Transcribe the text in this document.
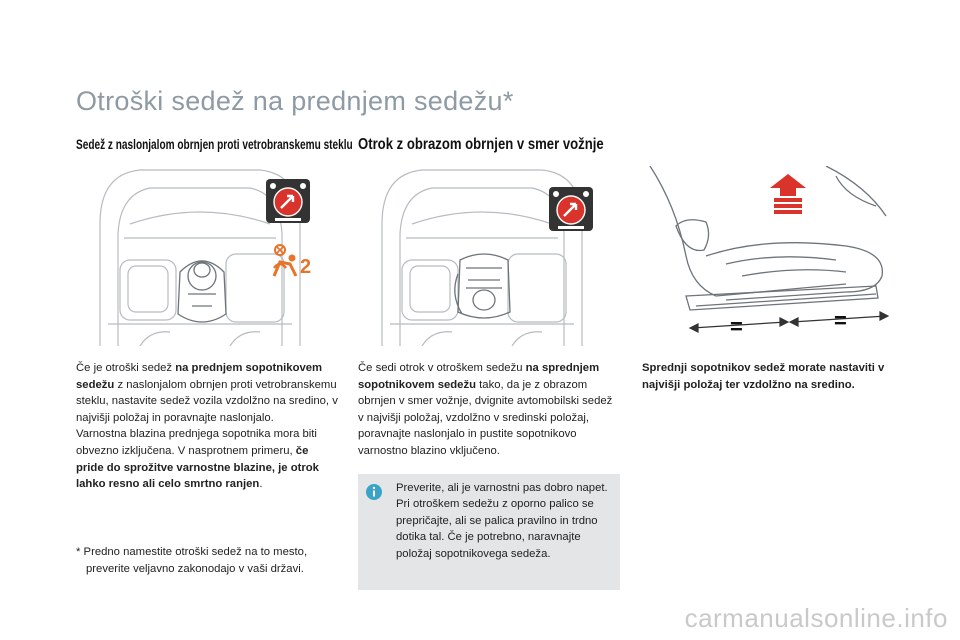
Otroški sedež na prednjem sedežu*
Sedež z naslonjalom obrnjen proti vetrobranskemu steklu Otrok z obrazom obrnjen v smer vožnje
2
=	=
Če je otroški sedež na prednjem sopotnikovem sedežu z naslonjalom obrnjen proti vetrobranskemu steklu, nastavite sedež vozila vzdolžno na sredino, v najvišji položaj in poravnajte naslonjalo.
Varnostna blazina prednjega sopotnika mora biti obvezno izključena. V nasprotnem primeru, če pride do sprožitve varnostne blazine, je otrok lahko resno ali celo smrtno ranjen.
* Predno namestite otroški sedež na to mesto,
preverite veljavno zakonodajo v vaši državi.
Če sedi otrok v otroškem sedežu na sprednjem sopotnikovem sedežu tako, da je z obrazom obrnjen v smer vožnje, dvignite avtomobilski sedež v najvišji položaj, vzdolžno v sredinski položaj, poravnajte naslonjalo in pustite sopotnikovo varnostno blazino vključeno.
Preverite, ali je varnostni pas dobro napet.
Pri otroškem sedežu z oporno palico se prepričajte, ali se palica pravilno in trdno dotika tal. Če je potrebno, naravnajte položaj sopotnikovega sedeža.
Sprednji sopotnikov sedež morate nastaviti v najvišji položaj ter vzdolžno na sredino.
carmanualsonline.info
